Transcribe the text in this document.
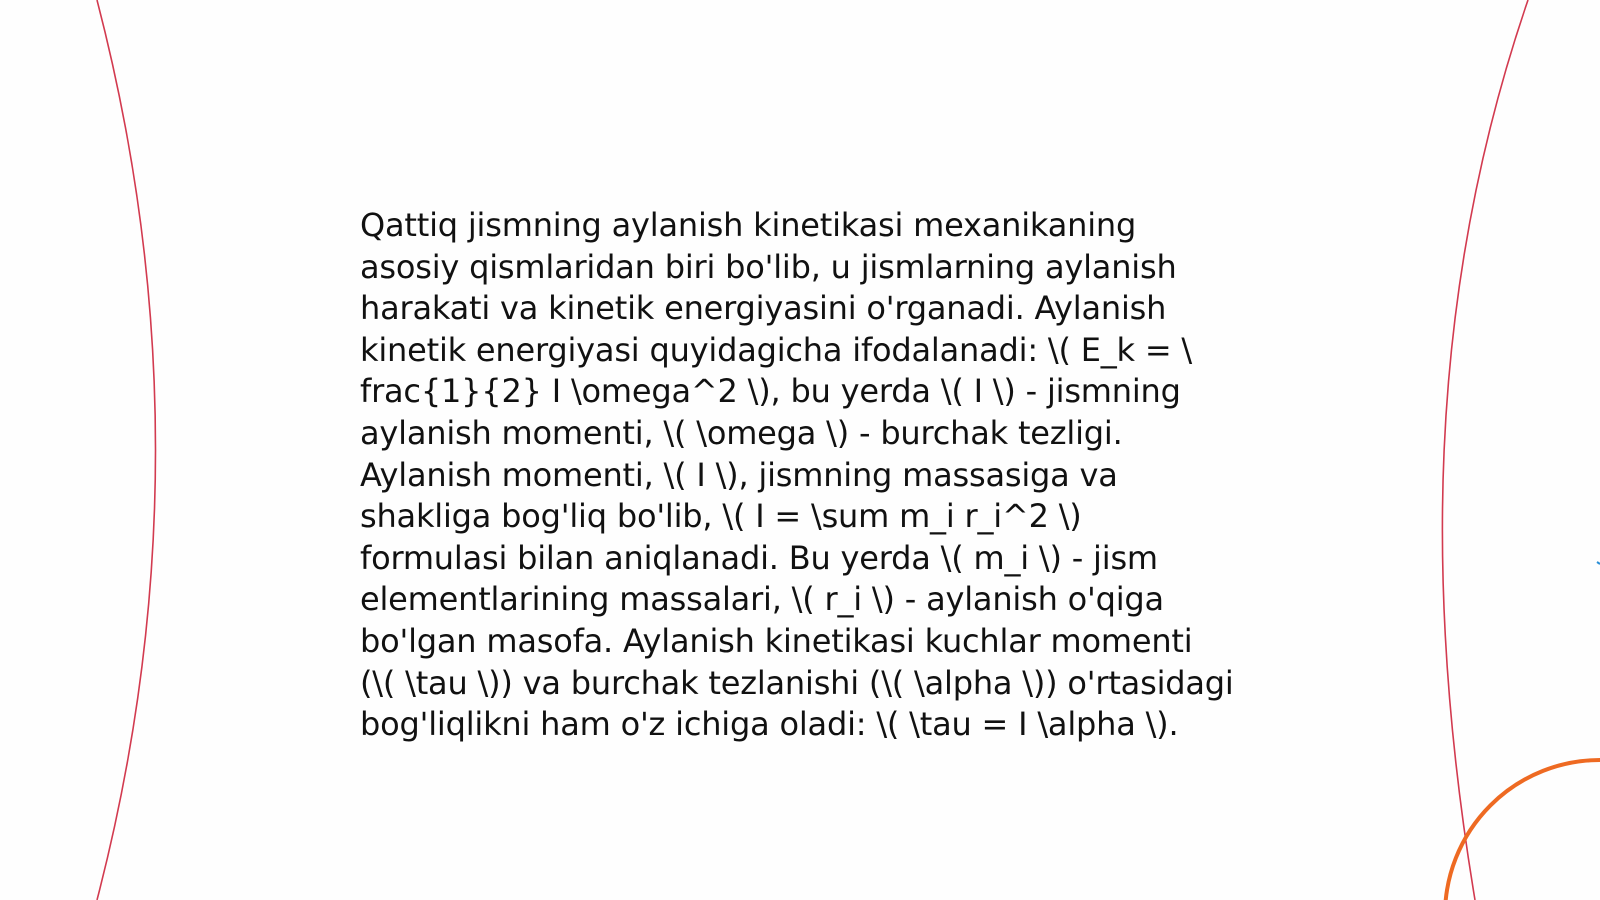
Qattiq jismning aylanish kinetikasi mexanikaning
asosiy qismlaridan biri bo'lib, u jismlarning aylanish
harakati va kinetik energiyasini o'rganadi. Aylanish
kinetik energiyasi quyidagicha ifodalanadi: \( E_k = \
frac{1}{2} I \omega^2 \), bu yerda \( I \) - jismning
aylanish momenti, \( \omega \) - burchak tezligi.
Aylanish momenti, \( I \), jismning massasiga va
shakliga bog'liq bo'lib, \( I = \sum m_i r_i^2 \)
formulasi bilan aniqlanadi. Bu yerda \( m_i \) - jism
elementlarining massalari, \( r_i \) - aylanish o'qiga
bo'lgan masofa. Aylanish kinetikasi kuchlar momenti
(\( \tau \)) va burchak tezlanishi (\( \alpha \)) o'rtasidagi
bog'liqlikni ham o'z ichiga oladi: \( \tau = I \alpha \).
